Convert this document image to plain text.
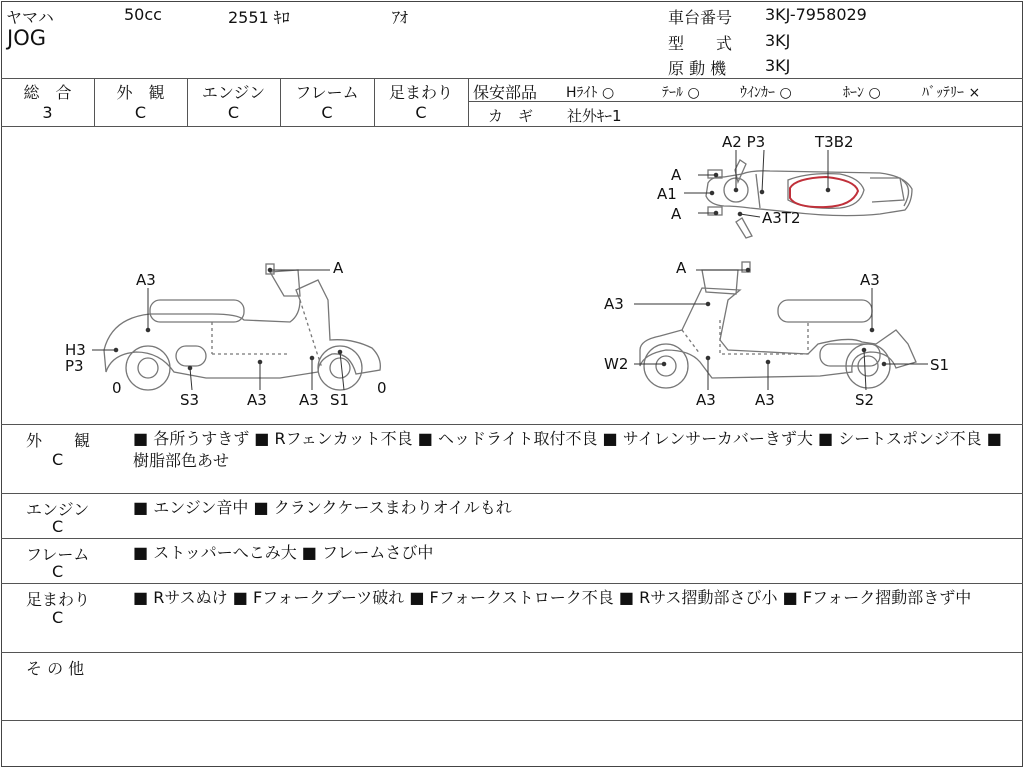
ヤマハ	50cc	2551 ｷﾛ	ｱｵ
JOG
車台番号 3KJ-7958029
型　　式 3KJ
原 動 機 3KJ
総　合
3
外　観
C
エンジン
C
フレーム
C
足まわり
C
保安部品 Hﾗｲﾄ ○	ﾃｰﾙ ○	ｳｲﾝｶｰ ○	ﾎｰﾝ ○	ﾊﾞｯﾃﾘｰ ×
カ　ギ 社外ｷｰ1
A2 P3	T3B2
A
A1
A	A3T2
A
A3
H3
P3
0
S3	A3 A3 S1
0
A
A3
A3
W2	S1
A3	A3	S2
外　　観
C
■ 各所うすきず ■ Rフェンカット不良 ■ ヘッドライト取付不良 ■ サイレンサーカバーきず大 ■ シートスポンジ不良 ■ 樹脂部色あせ
エンジン
C
■ エンジン音中 ■ クランクケースまわりオイルもれ
フレーム
C
■ ストッパーへこみ大 ■ フレームさび中
足まわり
C
■ Rサスぬけ ■ Fフォークブーツ破れ ■ Fフォークストローク不良 ■ Rサス摺動部さび小 ■ Fフォーク摺動部きず中
そ の 他
